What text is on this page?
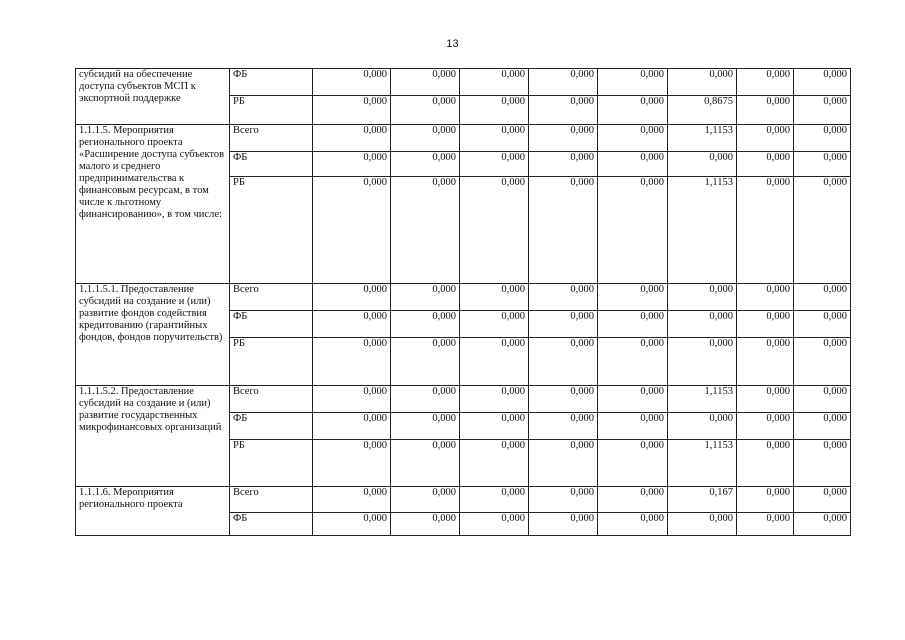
13
субсидий на обеспечение доступа субъектов МСП к экспортной поддержке	ФБ	0,000	0,000	0,000	0,000	0,000	0,000	0,000	0,000
	РБ	0,000	0,000	0,000	0,000	0,000	0,8675	0,000	0,000
1.1.1.5. Мероприятия регионального проекта «Расширение доступа субъектов малого и среднего предпринимательства к финансовым ресурсам, в том числе к льготному финансированию», в том числе:	Всего	0,000	0,000	0,000	0,000	0,000	1,1153	0,000	0,000
	ФБ	0,000	0,000	0,000	0,000	0,000	0,000	0,000	0,000
	РБ	0,000	0,000	0,000	0,000	0,000	1,1153	0,000	0,000
1.1.1.5.1. Предоставление субсидий на создание и (или) развитие фондов содействия кредитованию (гарантийных фондов, фондов поручительств)	Всего	0,000	0,000	0,000	0,000	0,000	0,000	0,000	0,000
	ФБ	0,000	0,000	0,000	0,000	0,000	0,000	0,000	0,000
	РБ	0,000	0,000	0,000	0,000	0,000	0,000	0,000	0,000
1.1.1.5.2. Предоставление субсидий на создание и (или) развитие государственных микрофинансовых организаций	Всего	0,000	0,000	0,000	0,000	0,000	1,1153	0,000	0,000
	ФБ	0,000	0,000	0,000	0,000	0,000	0,000	0,000	0,000
	РБ	0,000	0,000	0,000	0,000	0,000	1,1153	0,000	0,000
1.1.1.6. Мероприятия регионального проекта	Всего	0,000	0,000	0,000	0,000	0,000	0,167	0,000	0,000
	ФБ	0,000	0,000	0,000	0,000	0,000	0,000	0,000	0,000
